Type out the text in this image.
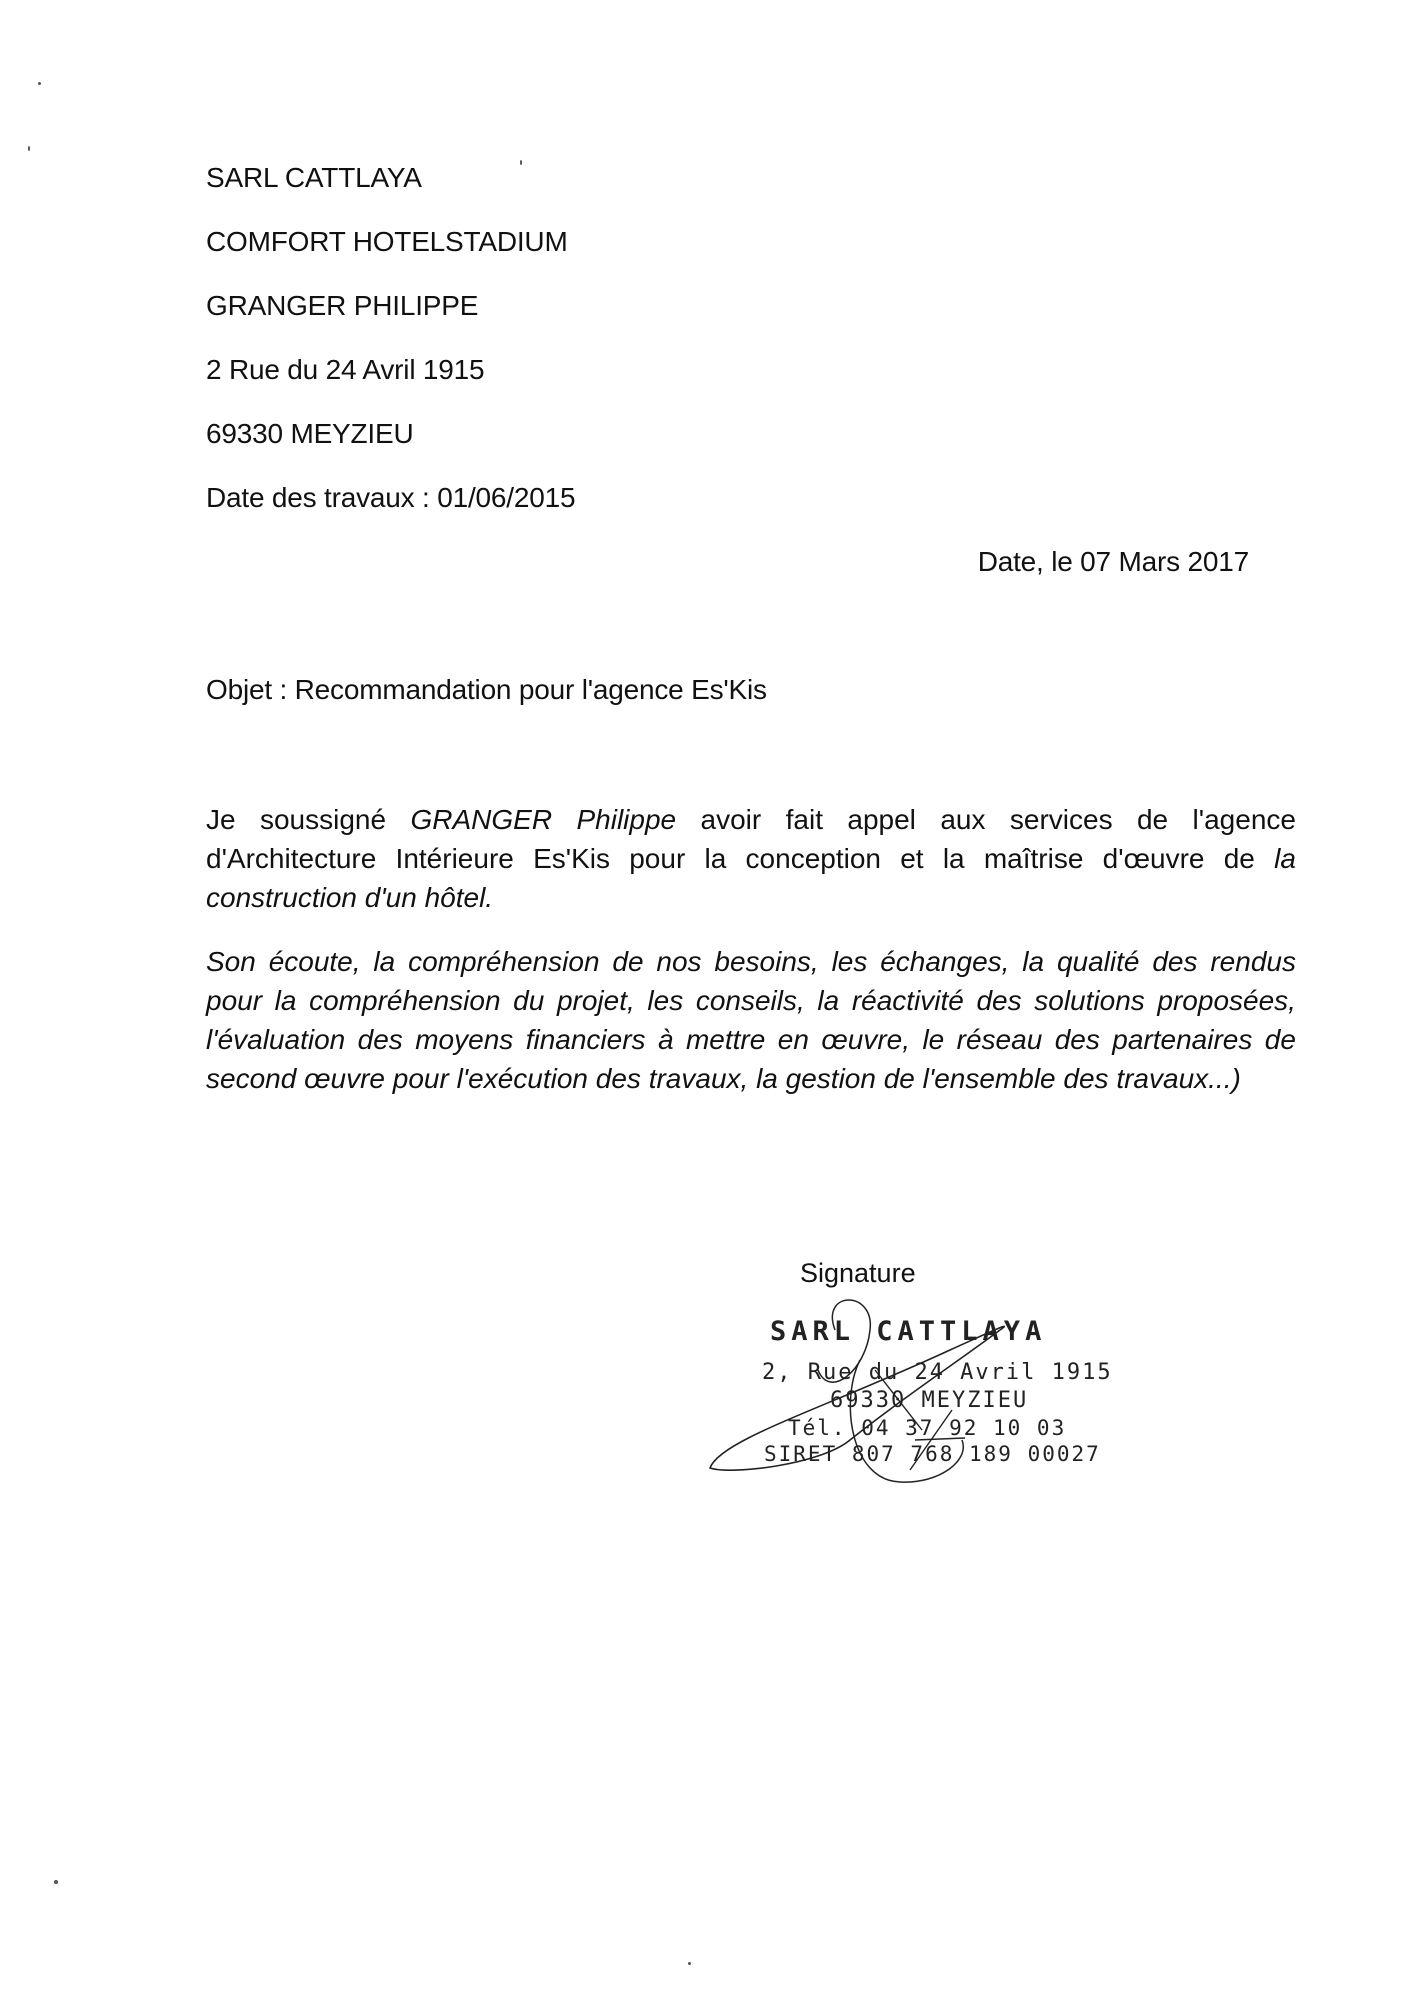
SARL CATTLAYA
COMFORT HOTELSTADIUM
GRANGER PHILIPPE
2 Rue du 24 Avril 1915
69330 MEYZIEU
Date des travaux : 01/06/2015
Date, le 07 Mars 2017
Objet : Recommandation pour l'agence Es'Kis
Je soussigné GRANGER Philippe avoir fait appel aux services de l'agence
d'Architecture Intérieure Es'Kis pour la conception et la maîtrise d'œuvre de la
construction d'un hôtel.
Son écoute, la compréhension de nos besoins, les échanges, la qualité des rendus
pour la compréhension du projet, les conseils, la réactivité des solutions proposées,
l'évaluation des moyens financiers à mettre en œuvre, le réseau des partenaires de
second œuvre pour l'exécution des travaux, la gestion de l'ensemble des travaux...)
Signature
SARL CATTLAYA
2, Rue du 24 Avril 1915
69330 MEYZIEU
Tél. 04 37 92 10 03
SIRET 807 768 189 00027
